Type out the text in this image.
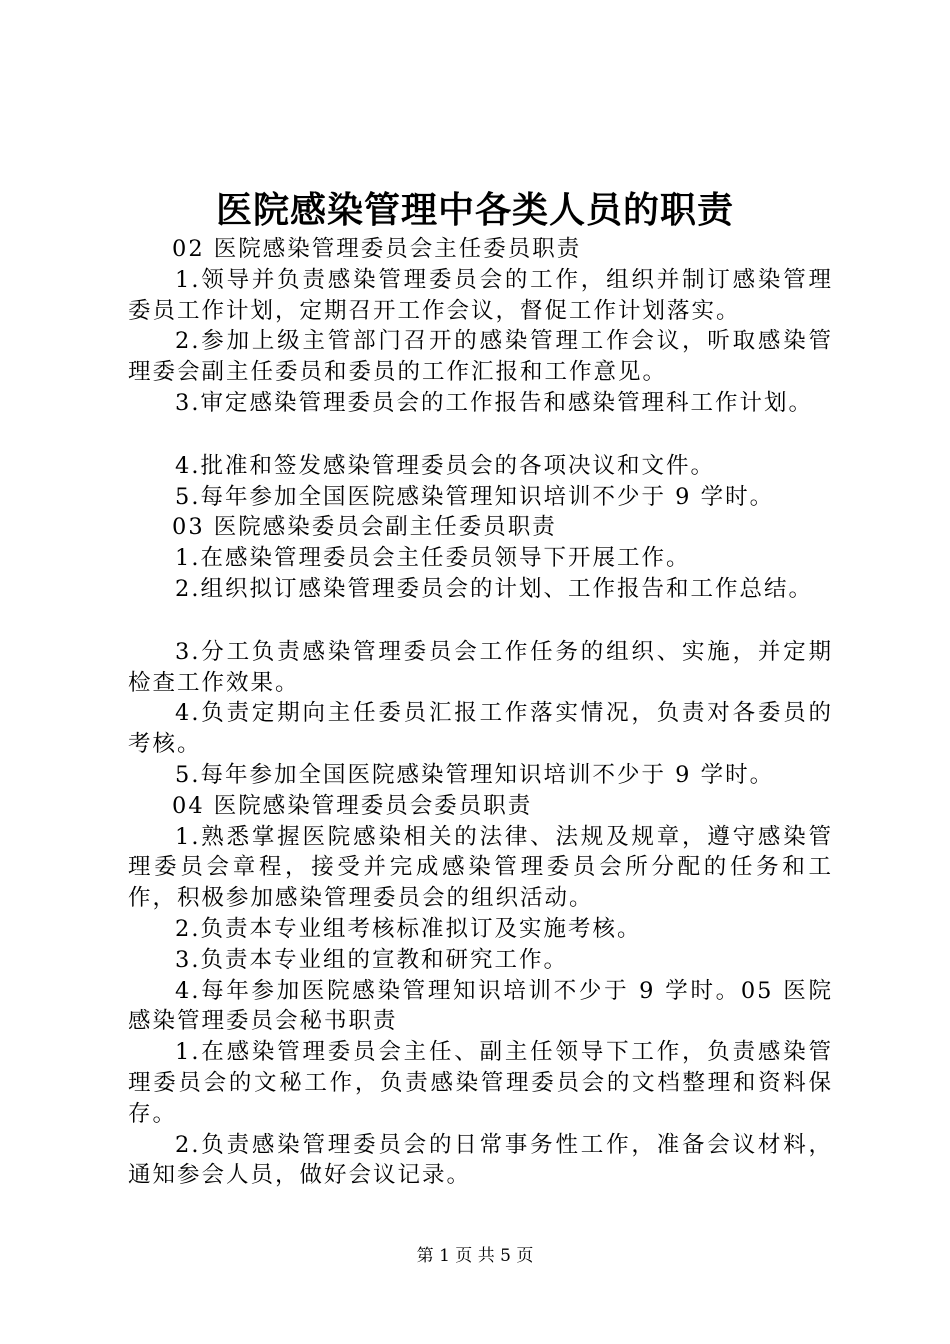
医院感染管理中各类人员的职责

02 医院感染管理委员会主任委员职责

1.领导并负责感染管理委员会的工作，组织并制订感染管理委员工作计划，定期召开工作会议，督促工作计划落实。

2.参加上级主管部门召开的感染管理工作会议，听取感染管理委会副主任委员和委员的工作汇报和工作意见。

3.审定感染管理委员会的工作报告和感染管理科工作计划。

4.批准和签发感染管理委员会的各项决议和文件。

5.每年参加全国医院感染管理知识培训不少于 9 学时。

03 医院感染委员会副主任委员职责

1.在感染管理委员会主任委员领导下开展工作。

2.组织拟订感染管理委员会的计划、工作报告和工作总结。

3.分工负责感染管理委员会工作任务的组织、实施，并定期检查工作效果。

4.负责定期向主任委员汇报工作落实情况，负责对各委员的考核。

5.每年参加全国医院感染管理知识培训不少于 9 学时。

04 医院感染管理委员会委员职责

1.熟悉掌握医院感染相关的法律、法规及规章，遵守感染管理委员会章程，接受并完成感染管理委员会所分配的任务和工作，积极参加感染管理委员会的组织活动。

2.负责本专业组考核标准拟订及实施考核。

3.负责本专业组的宣教和研究工作。

4.每年参加医院感染管理知识培训不少于 9 学时。05 医院感染管理委员会秘书职责

1.在感染管理委员会主任、副主任领导下工作，负责感染管理委员会的文秘工作，负责感染管理委员会的文档整理和资料保存。

2.负责感染管理委员会的日常事务性工作，准备会议材料，通知参会人员，做好会议记录。

第 1 页 共 5 页
